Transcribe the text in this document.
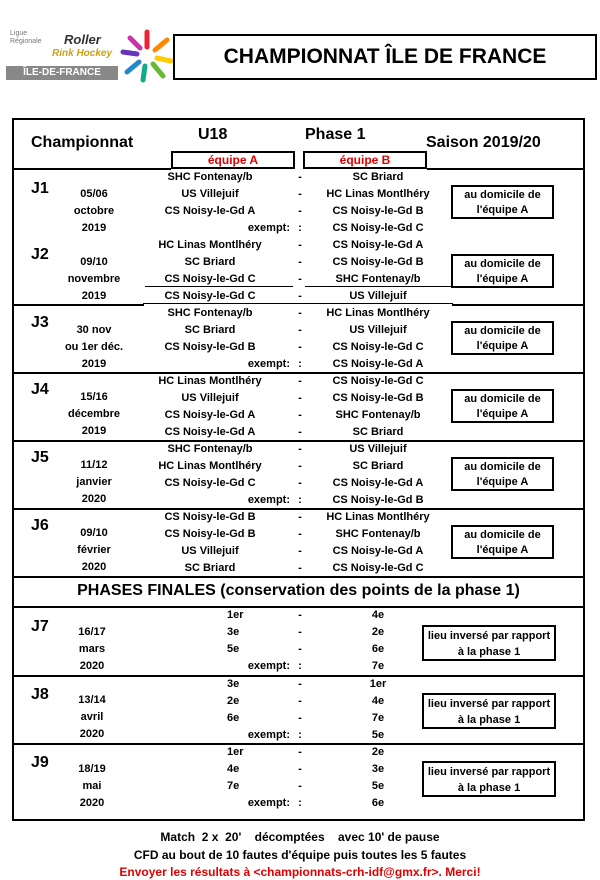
Ligue
Régionale Roller
Rink Hockey
ÎLE-DE-FRANCE
CHAMPIONNAT ÎLE DE FRANCE
Championnat	U18	Phase 1	Saison 2019/20
équipe A	équipe B
J1	05/06
octobre
2019
SHC Fontenay/b	-	SC Briard
US Villejuif	-	HC Linas Montlhéry
CS Noisy-le-Gd A	-	CS Noisy-le-Gd B
exempt: :	CS Noisy-le-Gd C
au domicile de l'équipe A
J2	09/10
novembre
2019
HC Linas Montlhéry	-	CS Noisy-le-Gd A
SC Briard	-	CS Noisy-le-Gd B
CS Noisy-le-Gd C	-	SHC Fontenay/b
CS Noisy-le-Gd C	-	US Villejuif
au domicile de l'équipe A
J3	30 nov
ou 1er déc.
2019
SHC Fontenay/b	-	HC Linas Montlhéry
SC Briard	-	US Villejuif
CS Noisy-le-Gd B	-	CS Noisy-le-Gd C
exempt: :	CS Noisy-le-Gd A
au domicile de l'équipe A
J4	15/16
décembre
2019
HC Linas Montlhéry	-	CS Noisy-le-Gd C
US Villejuif	-	CS Noisy-le-Gd B
CS Noisy-le-Gd A	-	SHC Fontenay/b
CS Noisy-le-Gd A	-	SC Briard
au domicile de l'équipe A
J5	11/12
janvier
2020
SHC Fontenay/b	-	US Villejuif
HC Linas Montlhéry	-	SC Briard
CS Noisy-le-Gd C	-	CS Noisy-le-Gd A
exempt: :	CS Noisy-le-Gd B
au domicile de l'équipe A
J6	09/10
février
2020
CS Noisy-le-Gd B	-	HC Linas Montlhéry
CS Noisy-le-Gd B	-	SHC Fontenay/b
US Villejuif	-	CS Noisy-le-Gd A
SC Briard	-	CS Noisy-le-Gd C
au domicile de l'équipe A
PHASES FINALES (conservation des points de la phase 1)
J7	16/17
mars
2020
1er	-	4e
3e	-	2e
5e	-	6e
exempt: :	7e
lieu inversé par rapport à la phase 1
J8	13/14
avril
2020
3e	-	1er
2e	-	4e
6e	-	7e
exempt: :	5e
lieu inversé par rapport à la phase 1
J9	18/19
mai
2020
1er	-	2e
4e	-	3e
7e	-	5e
exempt: :	6e
lieu inversé par rapport à la phase 1
Match  2 x  20'    décomptées    avec 10' de pause
CFD au bout de 10 fautes d'équipe puis toutes les 5 fautes
Envoyer les résultats à <championnats-crh-idf@gmx.fr>. Merci!
